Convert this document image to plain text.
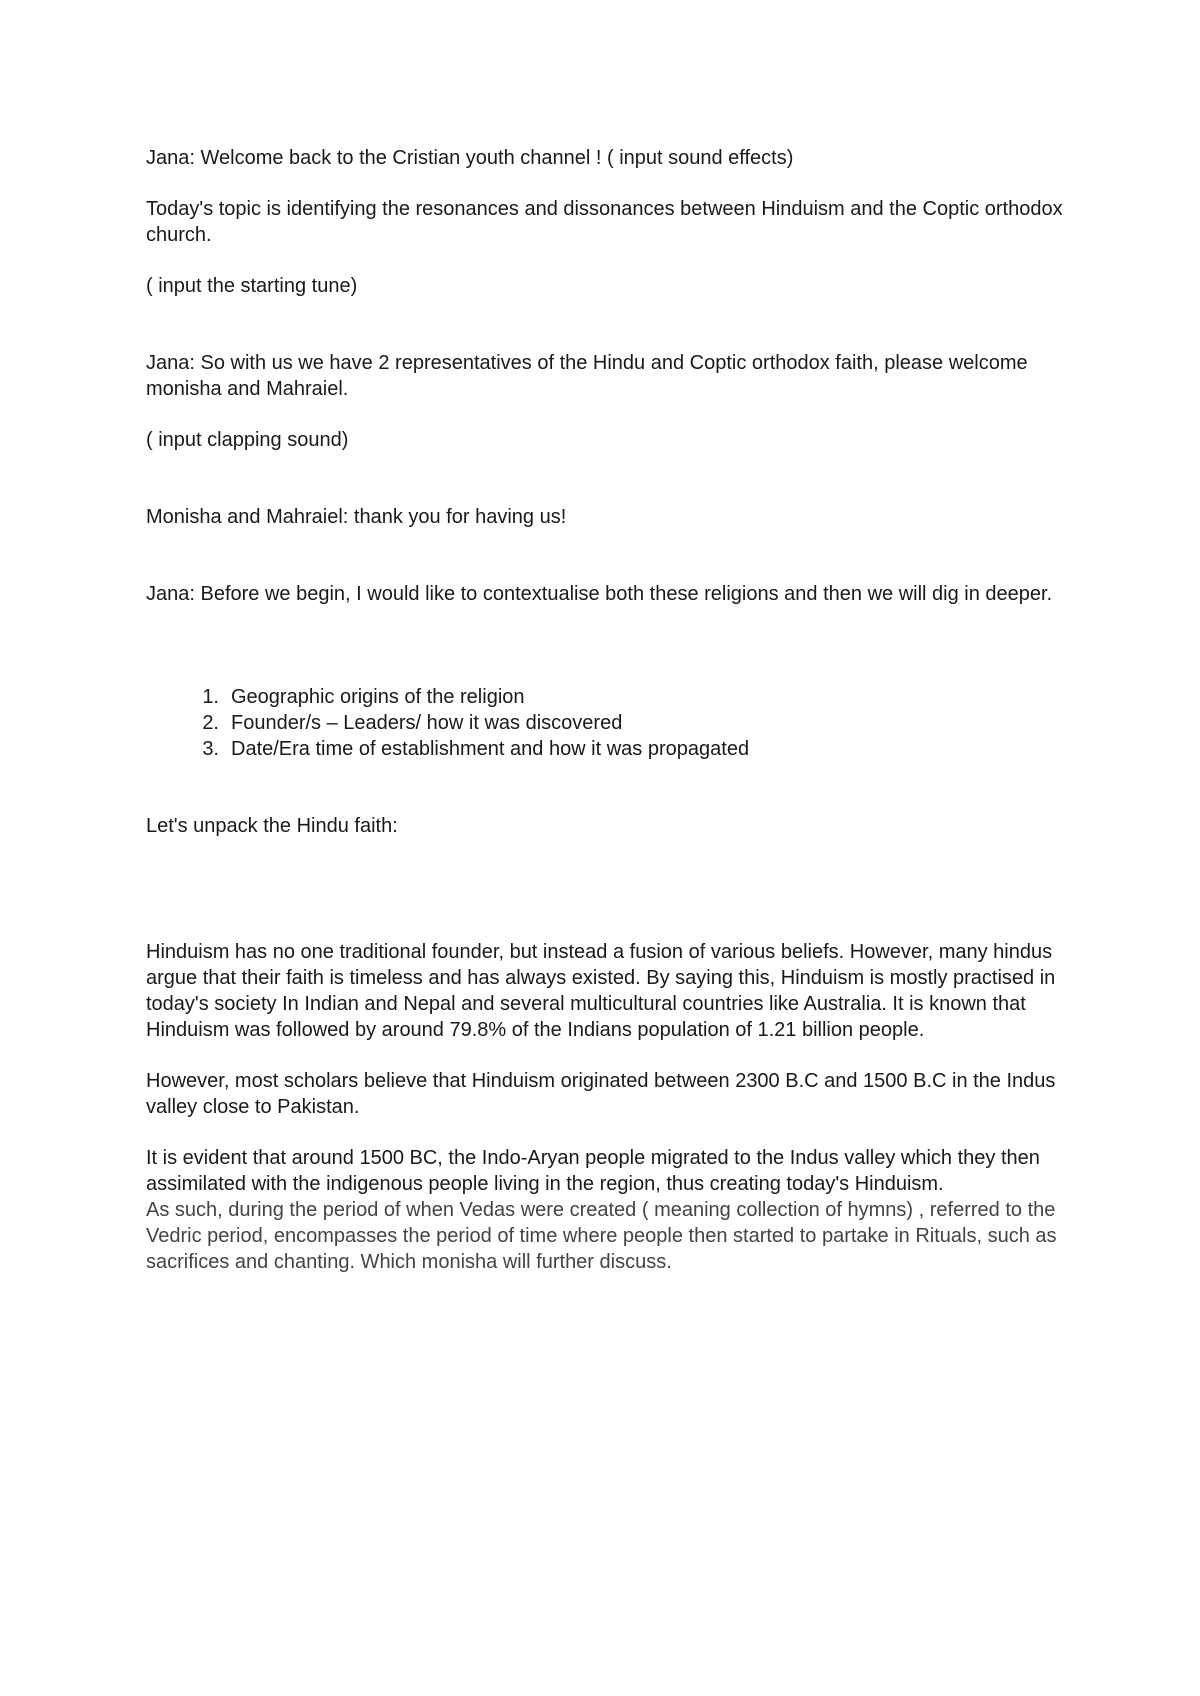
Jana: Welcome back to the Cristian youth channel ! ( input sound effects)

Today's topic is identifying the resonances and dissonances between Hinduism and the Coptic orthodox church.

( input the starting tune)

Jana: So with us we have 2 representatives of the Hindu and Coptic orthodox faith, please welcome monisha and Mahraiel.

( input clapping sound)

Monisha and Mahraiel: thank you for having us!

Jana: Before we begin, I would like to contextualise both these religions and then we will dig in deeper.

1. Geographic origins of the religion
2. Founder/s – Leaders/ how it was discovered
3. Date/Era time of establishment and how it was propagated

Let's unpack the Hindu faith:

Hinduism has no one traditional founder, but instead a fusion of various beliefs. However, many hindus argue that their faith is timeless and has always existed. By saying this, Hinduism is mostly practised in today's society In Indian and Nepal and several multicultural countries like Australia. It is known that Hinduism was followed by around 79.8% of the Indians population of 1.21 billion people.

However, most scholars believe that Hinduism originated between 2300 B.C and 1500 B.C in the Indus valley close to Pakistan.

It is evident that around 1500 BC, the Indo-Aryan people migrated to the Indus valley which they then assimilated with the indigenous people living in the region, thus creating today's Hinduism.

As such, during the period of when Vedas were created ( meaning collection of hymns) , referred to the Vedric period, encompasses the period of time where people then started to partake in Rituals, such as sacrifices and chanting. Which monisha will further discuss.
